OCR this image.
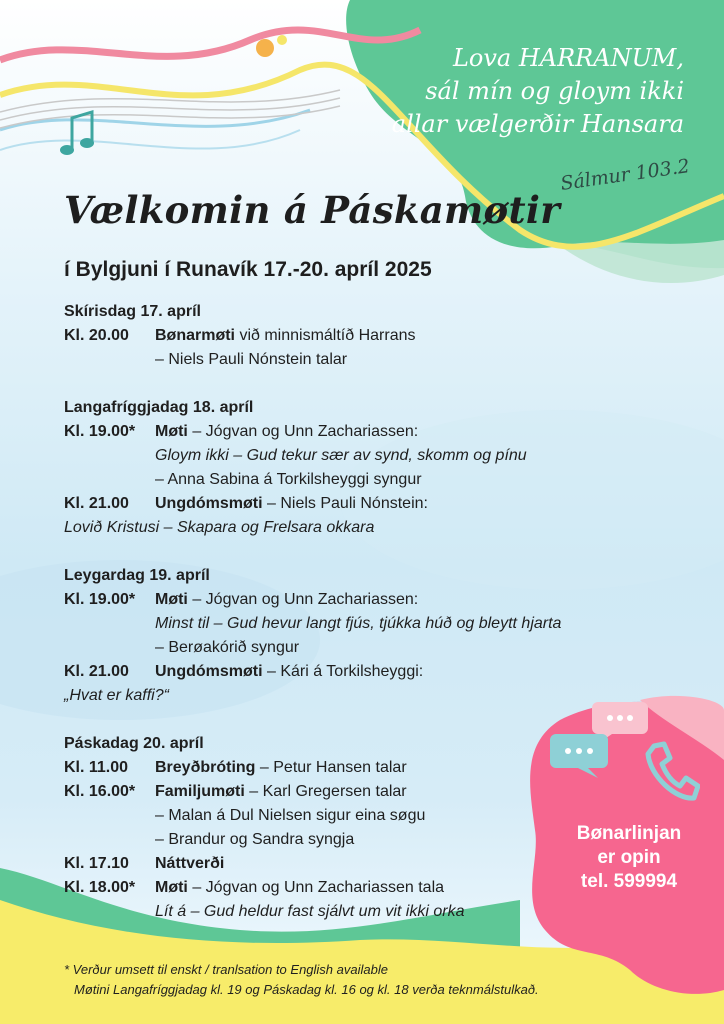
Lova HARRANUM,
sál mín og gloym ikki
allar vælgerðir Hansara

Sálmur 103.2
Vælkomin á Páskamøtir
í Bylgjuni í Runavík 17.-20. apríl 2025
Skírisdag 17. apríl
Kl. 20.00	Bønarmøti við minnismáltíð Harrans
– Niels Pauli Nónstein talar
Langafríggjadag 18. apríl
Kl. 19.00*	Møti – Jógvan og Unn Zachariassen:
Gloym ikki – Gud tekur sær av synd, skomm og pínu
– Anna Sabina á Torkilsheyggi syngur
Kl. 21.00	Ungdómsmøti – Niels Pauli Nónstein:
Lovið Kristusi – Skapara og Frelsara okkara
Leygardag 19. apríl
Kl. 19.00*	Møti – Jógvan og Unn Zachariassen:
Minst til – Gud hevur langt fjús, tjúkka húð og bleytt hjarta
– Berøakórið syngur
Kl. 21.00	Ungdómsmøti – Kári á Torkilsheyggi:
„Hvat er kaffi?“
Páskadag 20. apríl
Kl. 11.00	Breyðbróting – Petur Hansen talar
Kl. 16.00*	Familjumøti – Karl Gregersen talar
– Malan á Dul Nielsen sigur eina søgu
– Brandur og Sandra syngja
Kl. 17.10	Náttverði
Kl. 18.00*	Møti – Jógvan og Unn Zachariassen tala
Lít á – Gud heldur fast sjálvt um vit ikki orka
Bønarlinjan
er opin
tel. 599994
* Verður umsett til enskt / tranlsation to English available
Møtini Langafríggjadag kl. 19 og Páskadag kl. 16 og kl. 18 verða teknmálstulkað.
